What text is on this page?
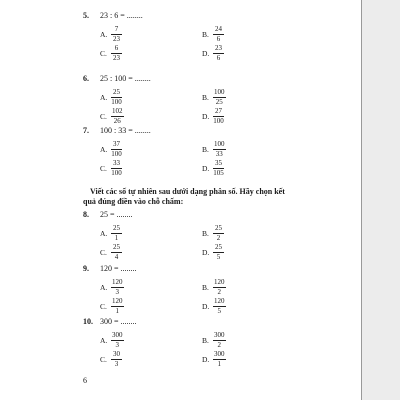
5. 23 : 6 = ........
A. $\frac{7}{23}$	B. $\frac{24}{6}$
C. $\frac{6}{23}$	D. $\frac{23}{6}$
6. 25 : 100 = ........
A. $\frac{25}{100}$	B. $\frac{100}{25}$
C. $\frac{102}{26}$	D. $\frac{27}{100}$
7. 100 : 33 = ........
A. $\frac{37}{100}$	B. $\frac{100}{33}$
C. $\frac{33}{100}$	D. $\frac{35}{105}$
Viết các số tự nhiên sau dưới dạng phân số. Hãy chọn kết
quả đúng điền vào chỗ chấm:
8. 25 = ........
A. $\frac{25}{1}$	B. $\frac{25}{2}$
C. $\frac{25}{4}$	D. $\frac{25}{5}$
9. 120 = ........
A. $\frac{120}{3}$	B. $\frac{120}{2}$
C. $\frac{120}{1}$	D. $\frac{120}{5}$
10. 300 = ........
A. $\frac{300}{3}$	B. $\frac{300}{2}$
C. $\frac{30}{3}$	D. $\frac{300}{1}$
6
